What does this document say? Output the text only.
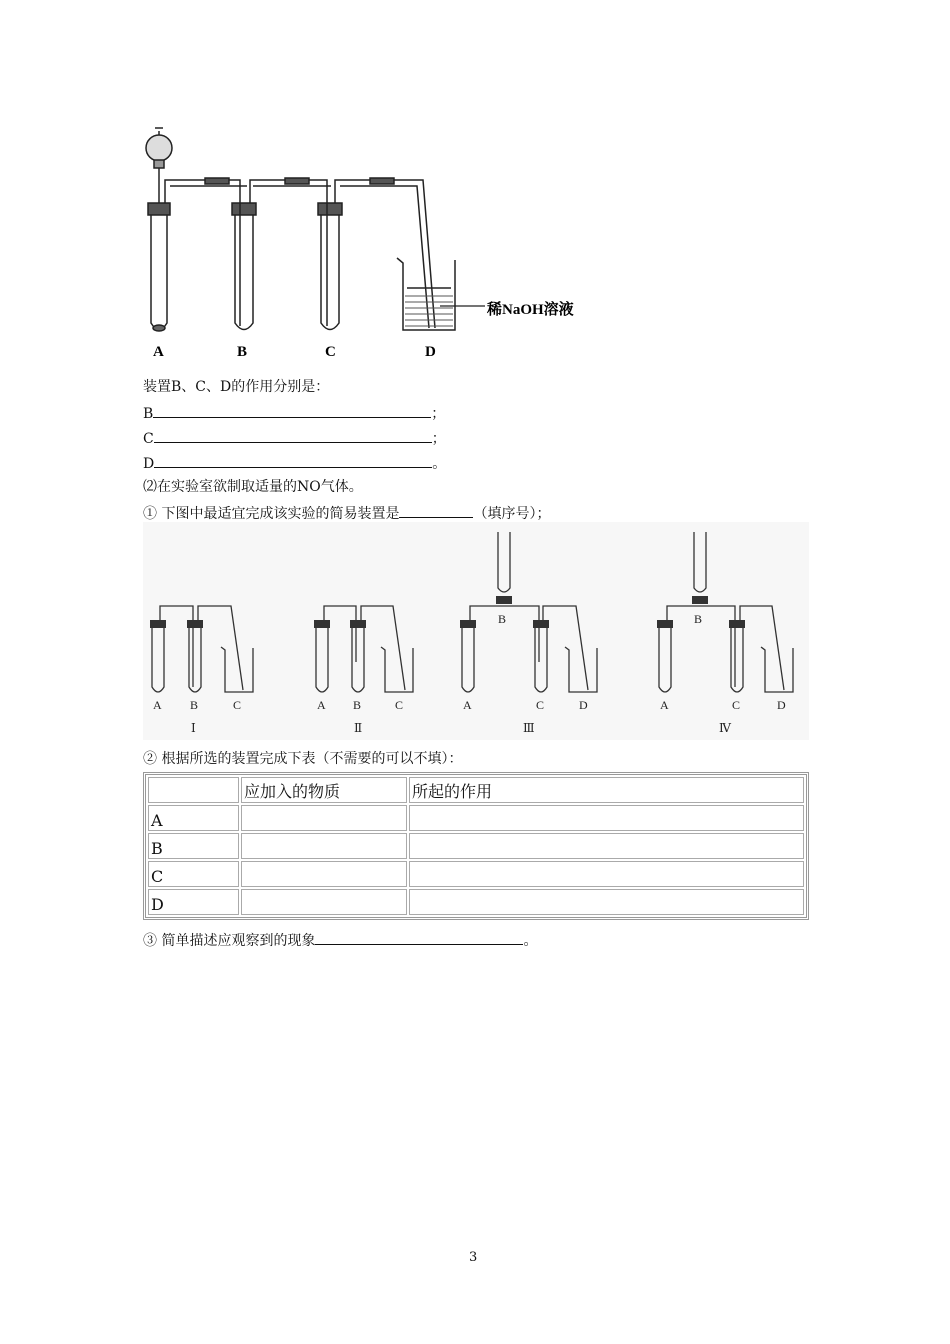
A	B	C	D
稀NaOH溶液
装置B、C、D的作用分别是：
B	；
C	；
D	。
⑵在实验室欲制取适量的NO气体。
① 下图中最适宜完成该实验的简易装置是	（填序号）；
A B	C	A B	C	A
B
C	D	A
B
C	D
Ⅰ	Ⅱ	Ⅲ	Ⅳ
② 根据所选的装置完成下表（不需要的可以不填）：
	应加入的物质	所起的作用
A		
B		
C		
D		
③ 简单描述应观察到的现象	。
3
